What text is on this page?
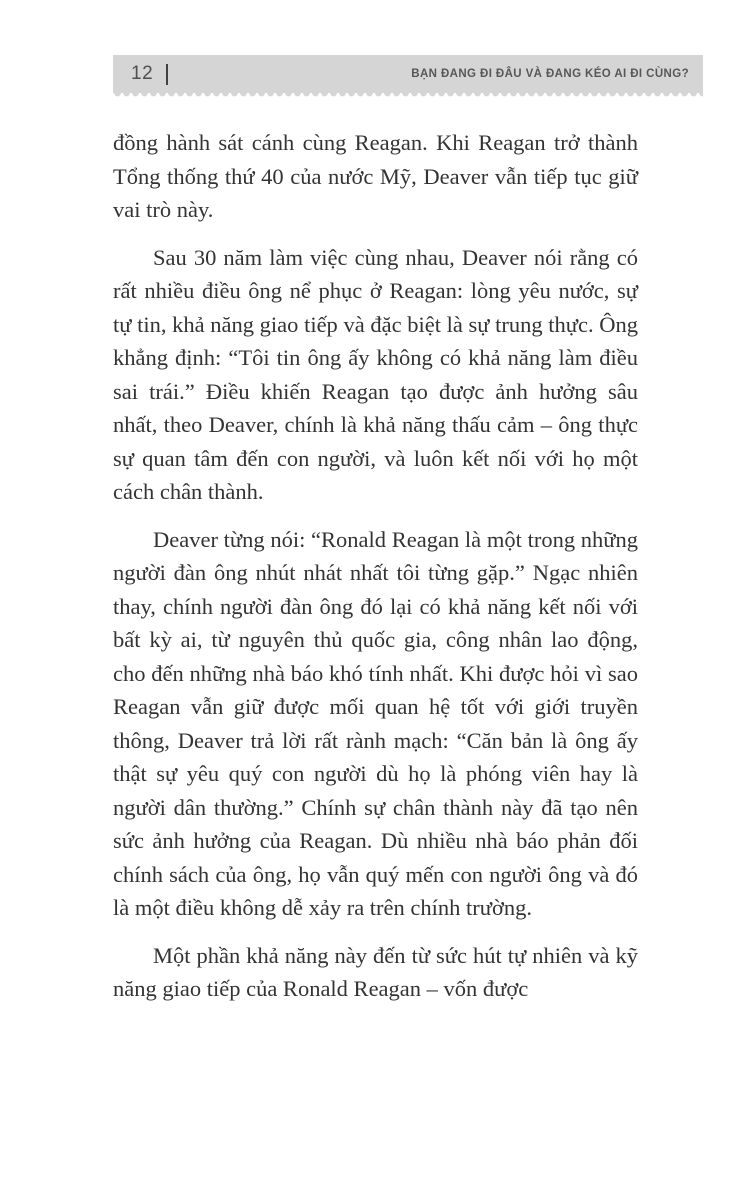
12	BẠN ĐANG ĐI ĐÂU VÀ ĐANG KÉO AI ĐI CÙNG?

đồng hành sát cánh cùng Reagan. Khi Reagan trở thành Tổng thống thứ 40 của nước Mỹ, Deaver vẫn tiếp tục giữ vai trò này.

Sau 30 năm làm việc cùng nhau, Deaver nói rằng có rất nhiều điều ông nể phục ở Reagan: lòng yêu nước, sự tự tin, khả năng giao tiếp và đặc biệt là sự trung thực. Ông khẳng định: “Tôi tin ông ấy không có khả năng làm điều sai trái.” Điều khiến Reagan tạo được ảnh hưởng sâu nhất, theo Deaver, chính là khả năng thấu cảm – ông thực sự quan tâm đến con người, và luôn kết nối với họ một cách chân thành.

Deaver từng nói: “Ronald Reagan là một trong những người đàn ông nhút nhát nhất tôi từng gặp.” Ngạc nhiên thay, chính người đàn ông đó lại có khả năng kết nối với bất kỳ ai, từ nguyên thủ quốc gia, công nhân lao động, cho đến những nhà báo khó tính nhất. Khi được hỏi vì sao Reagan vẫn giữ được mối quan hệ tốt với giới truyền thông, Deaver trả lời rất rành mạch: “Căn bản là ông ấy thật sự yêu quý con người dù họ là phóng viên hay là người dân thường.” Chính sự chân thành này đã tạo nên sức ảnh hưởng của Reagan. Dù nhiều nhà báo phản đối chính sách của ông, họ vẫn quý mến con người ông và đó là một điều không dễ xảy ra trên chính trường.

Một phần khả năng này đến từ sức hút tự nhiên và kỹ năng giao tiếp của Ronald Reagan – vốn được
